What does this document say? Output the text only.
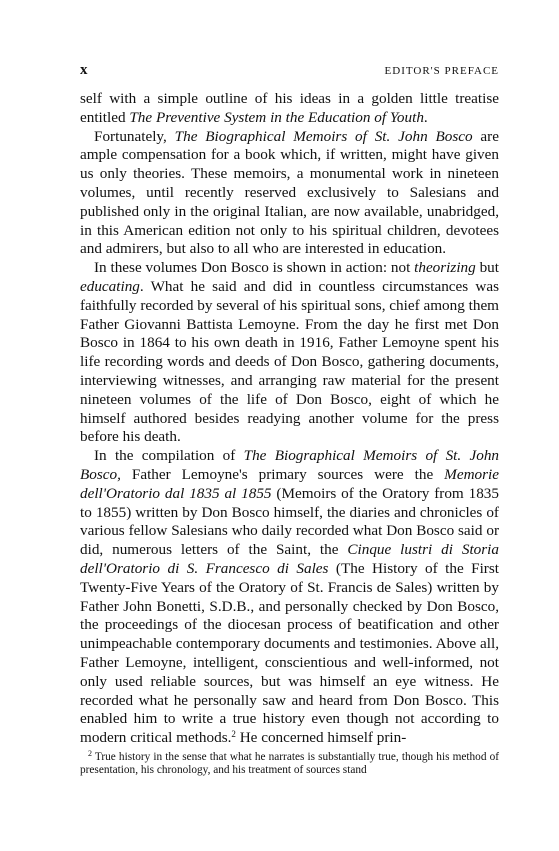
x	EDITOR'S PREFACE

self with a simple outline of his ideas in a golden little treatise entitled The Preventive System in the Education of Youth.

Fortunately, The Biographical Memoirs of St. John Bosco are ample compensation for a book which, if written, might have given us only theories. These memoirs, a monumental work in nineteen volumes, until recently reserved exclusively to Salesians and published only in the original Italian, are now available, unabridged, in this American edition not only to his spiritual children, devotees and admirers, but also to all who are interested in education.

In these volumes Don Bosco is shown in action: not theorizing but educating. What he said and did in countless circumstances was faithfully recorded by several of his spiritual sons, chief among them Father Giovanni Battista Lemoyne. From the day he first met Don Bosco in 1864 to his own death in 1916, Father Lemoyne spent his life recording words and deeds of Don Bosco, gathering documents, interviewing witnesses, and arranging raw material for the present nineteen volumes of the life of Don Bosco, eight of which he himself authored besides readying another volume for the press before his death.

In the compilation of The Biographical Memoirs of St. John Bosco, Father Lemoyne's primary sources were the Memorie dell'Oratorio dal 1835 al 1855 (Memoirs of the Oratory from 1835 to 1855) written by Don Bosco himself, the diaries and chronicles of various fellow Salesians who daily recorded what Don Bosco said or did, numerous letters of the Saint, the Cinque lustri di Storia dell'Oratorio di S. Francesco di Sales (The History of the First Twenty-Five Years of the Oratory of St. Francis de Sales) written by Father John Bonetti, S.D.B., and personally checked by Don Bosco, the proceedings of the diocesan process of beatification and other unimpeachable contemporary documents and testimonies. Above all, Father Lemoyne, intelligent, conscientious and well-informed, not only used reliable sources, but was himself an eye witness. He recorded what he personally saw and heard from Don Bosco. This enabled him to write a true history even though not according to modern critical methods.$^2$ He concerned himself prin-

$^2$ True history in the sense that what he narrates is substantially true, though his method of presentation, his chronology, and his treatment of sources stand
